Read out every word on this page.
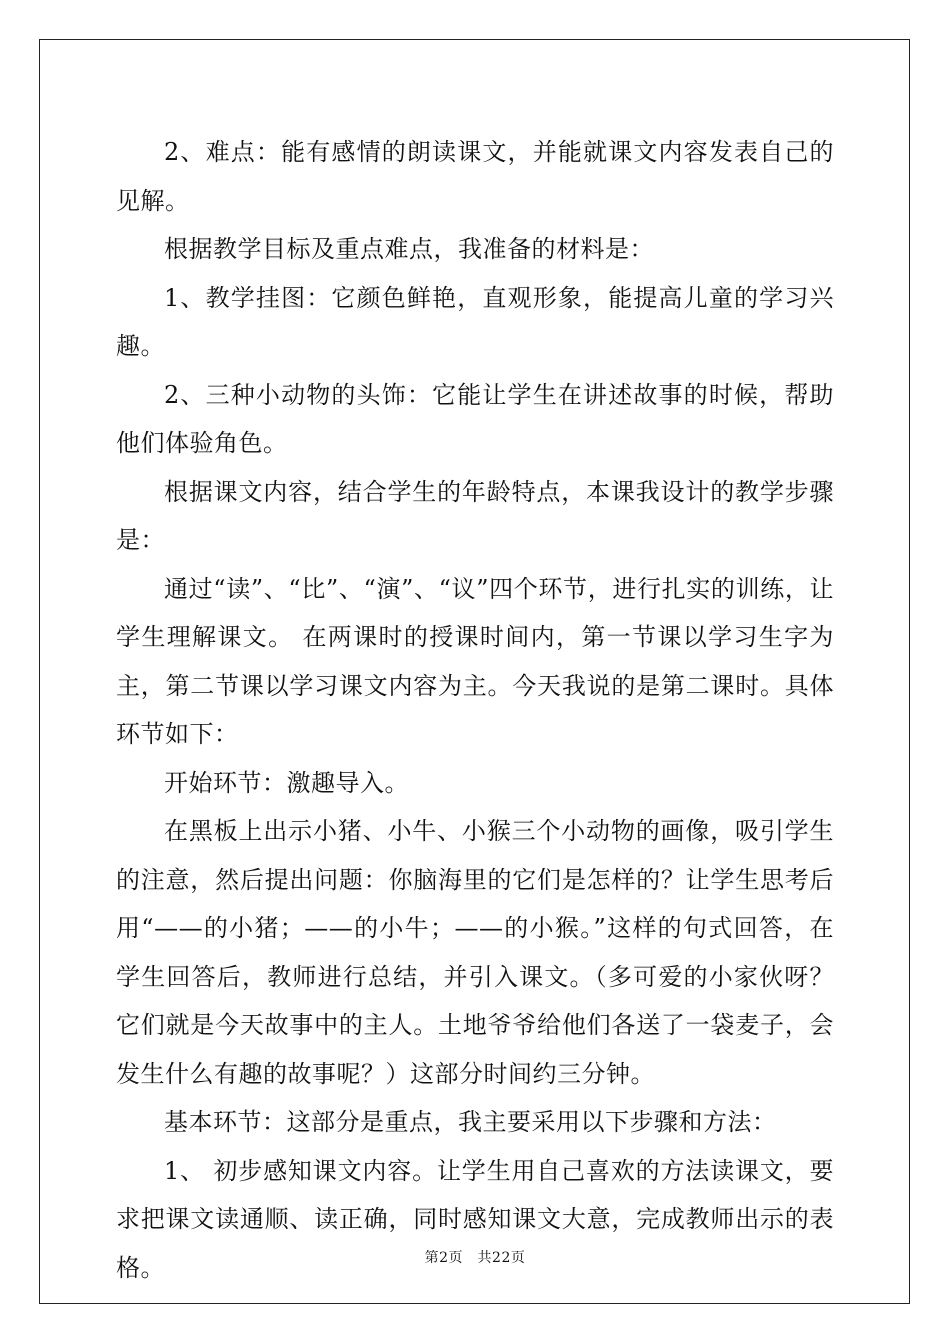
2、难点：能有感情的朗读课文，并能就课文内容发表自己的见解。

根据教学目标及重点难点，我准备的材料是：

1、教学挂图：它颜色鲜艳，直观形象，能提高儿童的学习兴趣。

2、三种小动物的头饰：它能让学生在讲述故事的时候，帮助他们体验角色。

根据课文内容，结合学生的年龄特点，本课我设计的教学步骤是：

通过“读”、“比”、“演”、“议”四个环节，进行扎实的训练，让学生理解课文。 在两课时的授课时间内，第一节课以学习生字为主，第二节课以学习课文内容为主。今天我说的是第二课时。具体环节如下：

开始环节：激趣导入。

在黑板上出示小猪、小牛、小猴三个小动物的画像，吸引学生的注意，然后提出问题：你脑海里的它们是怎样的？让学生思考后用“——的小猪；——的小牛；——的小猴。”这样的句式回答，在学生回答后，教师进行总结，并引入课文。（多可爱的小家伙呀？它们就是今天故事中的主人。土地爷爷给他们各送了一袋麦子，会发生什么有趣的故事呢？）这部分时间约三分钟。

基本环节：这部分是重点，我主要采用以下步骤和方法：

1、 初步感知课文内容。让学生用自己喜欢的方法读课文，要求把课文读通顺、读正确，同时感知课文大意，完成教师出示的表格。	第2页　共22页
